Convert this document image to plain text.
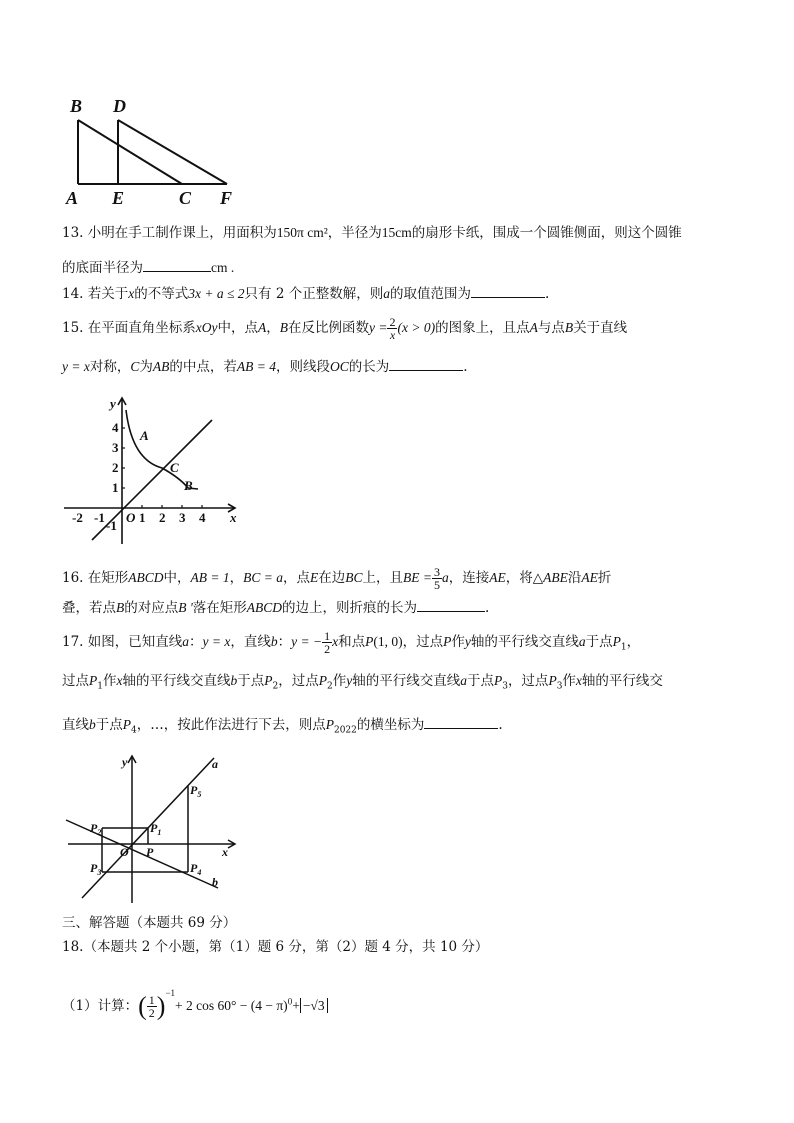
B D
A E	C F
13. 小明在手工制作课上，用面积为150π cm²，半径为15cm的扇形卡纸，围成一个圆锥侧面，则这个圆锥
的底面半径为	cm .
14. 若关于x的不等式3x + a ≤ 2只有 2 个正整数解，则a的取值范围为	.
15. 在平面直角坐标系xOy中，点A，B在反比例函数$y = \frac{2}{x} (x > 0)$的图象上，且点A与点B关于直线
y = x对称，C为AB的中点，若AB = 4，则线段OC的长为	.
y
x
O
-2 -1	1 2 3 4
4
3
2
1
-1
A
C
B
16. 在矩形ABCD中，AB = 1，BC = a，点E在边BC上，且BE = $\frac{3}{5}$ a，连接AE，将△ABE沿AE折
叠，若点B的对应点B '落在矩形ABCD的边上，则折痕的长为	.
17. 如图，已知直线a：y = x，直线b：y = − $\frac{1}{2}$ x和点P(1, 0)，过点P作y轴的平行线交直线a于点$P_1$，
过点$P_1$作x轴的平行线交直线b于点$P_2$，过点$P_2$作y轴的平行线交直线a于点$P_3$，过点$P_3$作x轴的平行线交
直线b于点$P_4$，…，按此作法进行下去，则点$P_{2022}$的横坐标为	.
y
x
O P
a
b
$P_1$
$P_2$
$P_3$	$P_4$
$P_5$
三、解答题（本题共 69 分）
18.（本题共 2 个小题，第（1）题 6 分，第（2）题 4 分，共 10 分）
（1）计算：( $\frac{1}{2} )^{-1}+ 2$ $\cos 60^\circ - (4 - \pi)^0+ -√3$
